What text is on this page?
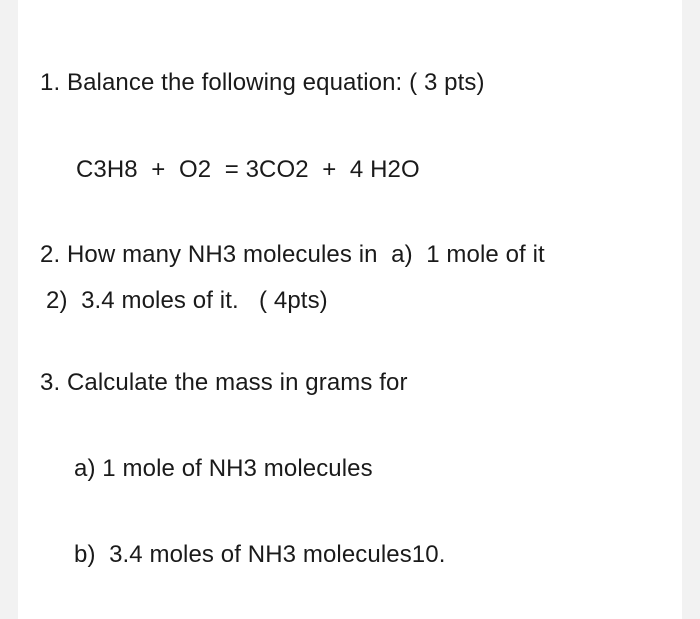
1. Balance the following equation: ( 3 pts)
C3H8  +  O2  = 3CO2  +  4 H2O
2. How many NH3 molecules in  a)  1 mole of it
2)  3.4 moles of it.   ( 4pts)
3. Calculate the mass in grams for
a) 1 mole of NH3 molecules
b)  3.4 moles of NH3 molecules10.
